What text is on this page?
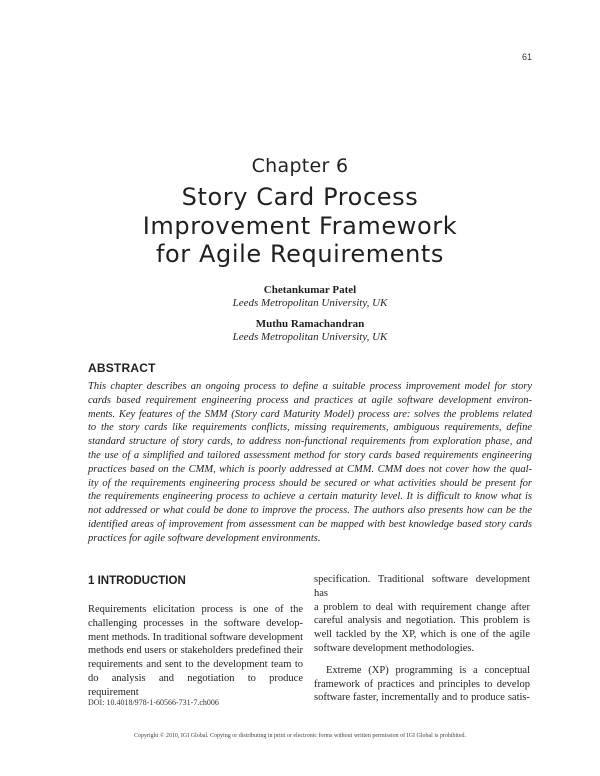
61
Chapter 6
Story Card Process
Improvement Framework
for Agile Requirements
Chetankumar Patel
Leeds Metropolitan University, UK
Muthu Ramachandran
Leeds Metropolitan University, UK
ABSTRACT
This chapter describes an ongoing process to define a suitable process improvement model for story
cards based requirement engineering process and practices at agile software development environ-
ments. Key features of the SMM (Story card Maturity Model) process are: solves the problems related
to the story cards like requirements conflicts, missing requirements, ambiguous requirements, define
standard structure of story cards, to address non-functional requirements from exploration phase, and
the use of a simplified and tailored assessment method for story cards based requirements engineering
practices based on the CMM, which is poorly addressed at CMM. CMM does not cover how the qual-
ity of the requirements engineering process should be secured or what activities should be present for
the requirements engineering process to achieve a certain maturity level. It is difficult to know what is
not addressed or what could be done to improve the process. The authors also presents how can be the
identified areas of improvement from assessment can be mapped with best knowledge based story cards
practices for agile software development environments.
1 INTRODUCTION
Requirements elicitation process is one of the
challenging processes in the software develop-
ment methods. In traditional software development
methods end users or stakeholders predefined their
requirements and sent to the development team to
do analysis and negotiation to produce requirement
specification. Traditional software development has
a problem to deal with requirement change after
careful analysis and negotiation. This problem is
well tackled by the XP, which is one of the agile
software development methodologies.
Extreme (XP) programming is a conceptual
framework of practices and principles to develop
software faster, incrementally and to produce satis-
DOI: 10.4018/978-1-60566-731-7.ch006
Copyright © 2010, IGI Global. Copying or distributing in print or electronic forms without written permission of IGI Global is prohibited.
